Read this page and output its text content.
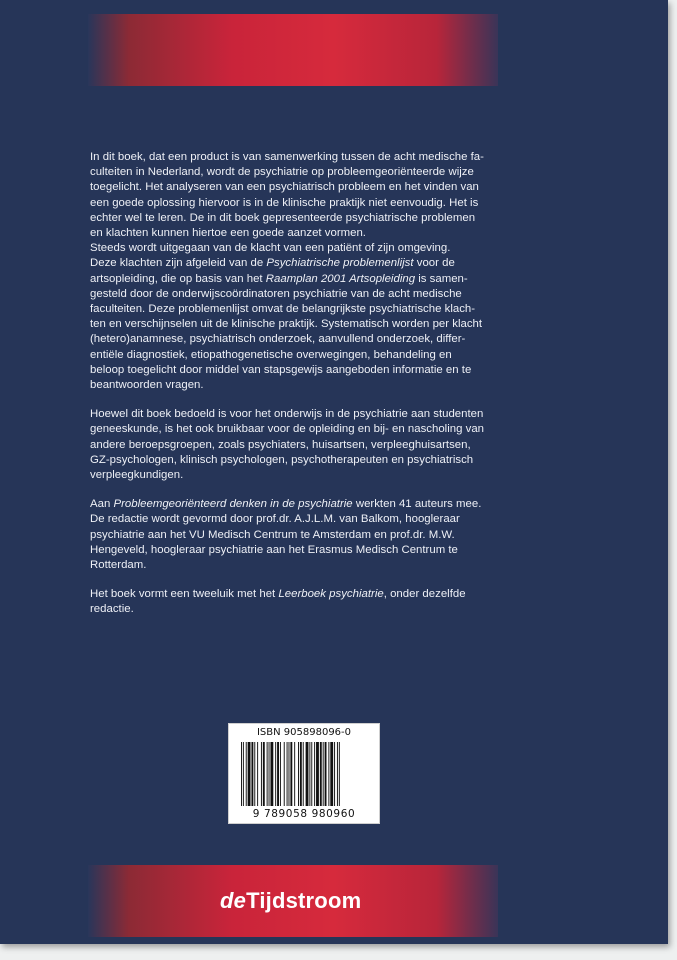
In dit boek, dat een product is van samenwerking tussen de acht medische fa-
culteiten in Nederland, wordt de psychiatrie op probleemgeoriënteerde wijze
toegelicht. Het analyseren van een psychiatrisch probleem en het vinden van
een goede oplossing hiervoor is in de klinische praktijk niet eenvoudig. Het is
echter wel te leren. De in dit boek gepresenteerde psychiatrische problemen
en klachten kunnen hiertoe een goede aanzet vormen.
Steeds wordt uitgegaan van de klacht van een patiënt of zijn omgeving.
Deze klachten zijn afgeleid van de Psychiatrische problemenlijst voor de
artsopleiding, die op basis van het Raamplan 2001 Artsopleiding is samen-
gesteld door de onderwijscoördinatoren psychiatrie van de acht medische
faculteiten. Deze problemenlijst omvat de belangrijkste psychiatrische klach-
ten en verschijnselen uit de klinische praktijk. Systematisch worden per klacht
(hetero)anamnese, psychiatrisch onderzoek, aanvullend onderzoek, differ-
entiële diagnostiek, etiopathogenetische overwegingen, behandeling en
beloop toegelicht door middel van stapsgewijs aangeboden informatie en te
beantwoorden vragen.

Hoewel dit boek bedoeld is voor het onderwijs in de psychiatrie aan studenten
geneeskunde, is het ook bruikbaar voor de opleiding en bij- en nascholing van
andere beroepsgroepen, zoals psychiaters, huisartsen, verpleeghuisartsen,
GZ-psychologen, klinisch psychologen, psychotherapeuten en psychiatrisch
verpleegkundigen.

Aan Probleemgeoriënteerd denken in de psychiatrie werkten 41 auteurs mee.
De redactie wordt gevormd door prof.dr. A.J.L.M. van Balkom, hoogleraar
psychiatrie aan het VU Medisch Centrum te Amsterdam en prof.dr. M.W.
Hengeveld, hoogleraar psychiatrie aan het Erasmus Medisch Centrum te
Rotterdam.

Het boek vormt een tweeluik met het Leerboek psychiatrie, onder dezelfde
redactie.

ISBN 905898096-0
9 789058 980960
deTijdstroom
